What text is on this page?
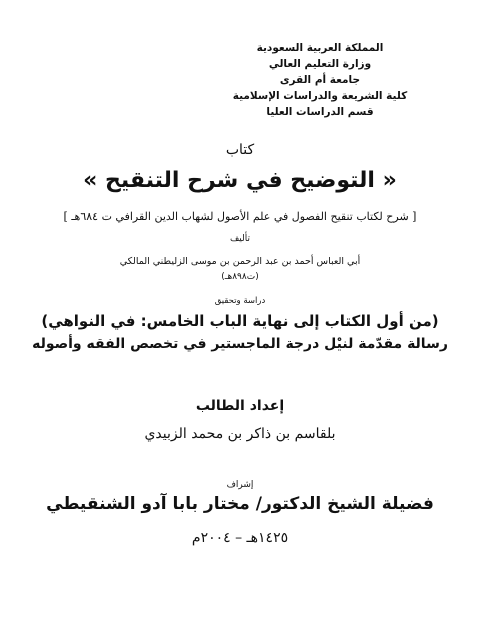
المملكة العربية السعودية
وزارة التعليم العالي
جامعة أم القرى
كلية الشريعة والدراسات الإسلامية
قسم الدراسات العليا
كتاب
« التوضيح في شرح التنقيح »
[ شرح لكتاب تنقيح الفصول في علم الأصول لشهاب الدين القرافي ت ٦٨٤هـ ]
تأليف
أبي العباس أحمد بن عبد الرحمن بن موسى الزليطني المالكي
(ت٨٩٨هـ)
دراسة وتحقيق
(من أول الكتاب إلى نهاية الباب الخامس: في النواهي)
رسالة مقدّمة لنيْل درجة الماجستير في تخصص الفقه وأصوله
إعداد الطالب
بلقاسم بن ذاكر بن محمد الزبيدي
إشراف
فضيلة الشيخ الدكتور/ مختار بابا آدو الشنقيطي
١٤٢٥هـ – ٢٠٠٤م
